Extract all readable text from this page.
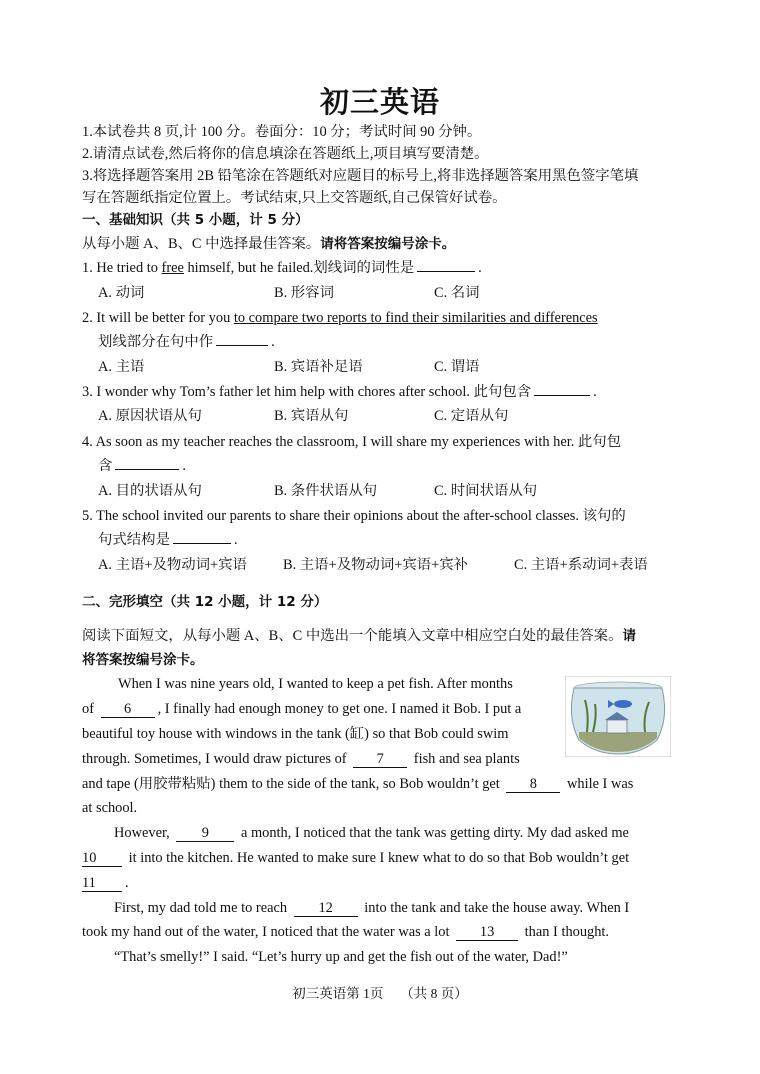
初三英语
1.本试卷共 8 页,计 100 分。卷面分：10 分；考试时间 90 分钟。
2.请清点试卷,然后将你的信息填涂在答题纸上,项目填写要清楚。
3.将选择题答案用 2B 铅笔涂在答题纸对应题目的标号上,将非选择题答案用黑色签字笔填
写在答题纸指定位置上。考试结束,只上交答题纸,自己保管好试卷。
一、基础知识（共 5 小题，计 5 分）
从每小题 A、B、C 中选择最佳答案。请将答案按编号涂卡。
1. He tried to free himself, but he failed.划线词的词性是	.
A. 动词	B. 形容词	C. 名词
2. It will be better for you to compare two reports to find their similarities and differences
划线部分在句中作	.
A. 主语	B. 宾语补足语	C. 谓语
3. I wonder why Tom’s father let him help with chores after school. 此句包含	.
A. 原因状语从句	B. 宾语从句	C. 定语从句
4. As soon as my teacher reaches the classroom, I will share my experiences with her. 此句包
含	.
A. 目的状语从句	B. 条件状语从句	C. 时间状语从句
5. The school invited our parents to share their opinions about the after-school classes. 该句的
句式结构是	.
A. 主语+及物动词+宾语	B. 主语+及物动词+宾语+宾补	C. 主语+系动词+表语
二、完形填空（共 12 小题，计 12 分）
阅读下面短文，从每小题 A、B、C 中选出一个能填入文章中相应空白处的最佳答案。请
将答案按编号涂卡。
When I was nine years old, I wanted to keep a pet fish. After months
of 6 , I finally had enough money to get one. I named it Bob. I put a
beautiful toy house with windows in the tank (缸) so that Bob could swim
through. Sometimes, I would draw pictures of 7 fish and sea plants
and tape (用胶带粘贴) them to the side of the tank, so Bob wouldn’t get 8 while I was
at school.
However, 9 a month, I noticed that the tank was getting dirty. My dad asked me
10 it into the kitchen. He wanted to make sure I knew what to do so that Bob wouldn’t get
11 .
First, my dad told me to reach 12 into the tank and take the house away. When I
took my hand out of the water, I noticed that the water was a lot 13 than I thought.
“That’s smelly!” I said. “Let’s hurry up and get the fish out of the water, Dad!”
初三英语第 1页　 （共 8 页）
